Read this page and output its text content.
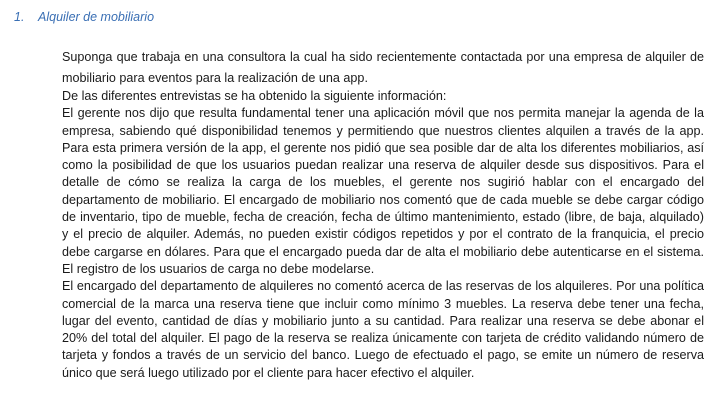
1. Alquiler de mobiliario

Suponga que trabaja en una consultora la cual ha sido recientemente contactada por una empresa de alquiler de mobiliario para eventos para la realización de una app.

De las diferentes entrevistas se ha obtenido la siguiente información:

El gerente nos dijo que resulta fundamental tener una aplicación móvil que nos permita manejar la agenda de la empresa, sabiendo qué disponibilidad tenemos y permitiendo que nuestros clientes alquilen a través de la app. Para esta primera versión de la app, el gerente nos pidió que sea posible dar de alta los diferentes mobiliarios, así como la posibilidad de que los usuarios puedan realizar una reserva de alquiler desde sus dispositivos. Para el detalle de cómo se realiza la carga de los muebles, el gerente nos sugirió hablar con el encargado del departamento de mobiliario. El encargado de mobiliario nos comentó que de cada mueble se debe cargar código de inventario, tipo de mueble, fecha de creación, fecha de último mantenimiento, estado (libre, de baja, alquilado) y el precio de alquiler. Además, no pueden existir códigos repetidos y por el contrato de la franquicia, el precio debe cargarse en dólares. Para que el encargado pueda dar de alta el mobiliario debe autenticarse en el sistema. El registro de los usuarios de carga no debe modelarse.

El encargado del departamento de alquileres no comentó acerca de las reservas de los alquileres. Por una política comercial de la marca una reserva tiene que incluir como mínimo 3 muebles. La reserva debe tener una fecha, lugar del evento, cantidad de días y mobiliario junto a su cantidad. Para realizar una reserva se debe abonar el 20% del total del alquiler. El pago de la reserva se realiza únicamente con tarjeta de crédito validando número de tarjeta y fondos a través de un servicio del banco. Luego de efectuado el pago, se emite un número de reserva único que será luego utilizado por el cliente para hacer efectivo el alquiler.
